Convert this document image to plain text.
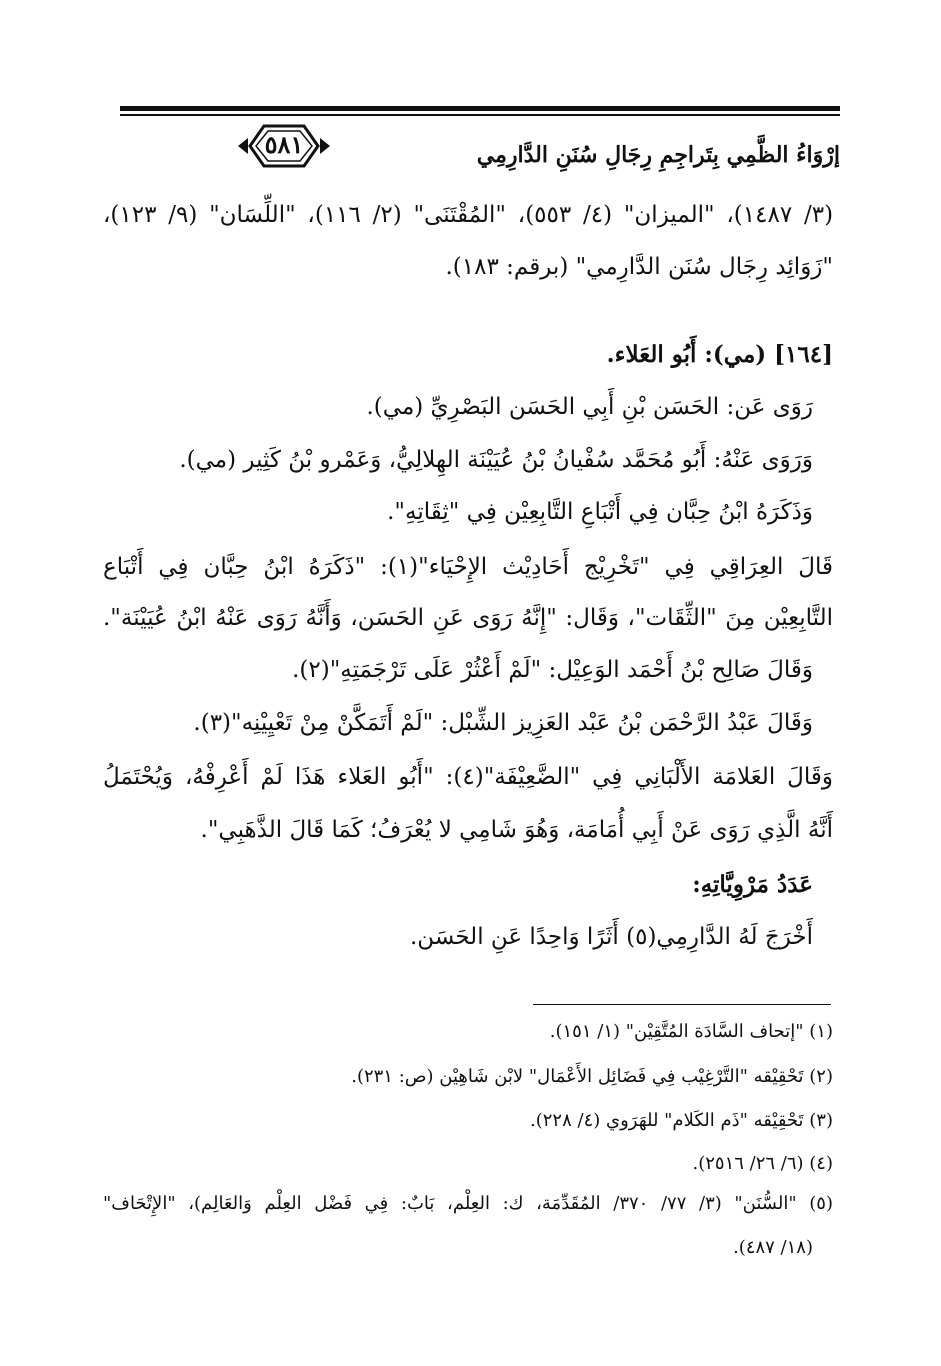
إرْوَاءُ الظَّمِي بِتَراجِمِ رِجَالِ سُنَنِ الدَّارِمِي
٥٨١
(٣/ ١٤٨٧)، "الميزان" (٤/ ٥٥٣)، "المُقْتَنَى" (٢/ ١١٦)، "اللِّسَان" (٩/ ١٢٣)،
"زَوَائِد رِجَال سُنَن الدَّارِمي" (برقم: ١٨٣).
[١٦٤] (مي): أَبُو العَلاء.
رَوَى عَن: الحَسَن بْنِ أَبِي الحَسَن البَصْرِيِّ (مي).
وَرَوَى عَنْهُ: أَبُو مُحَمَّد سُفْيانُ بْنُ عُيَيْنَة الهِلالِيُّ، وَعَمْرو بْنُ كَثِير (مي).
وَذَكَرَهُ ابْنُ حِبَّان فِي أَتْبَاعِ التَّابِعِيْن فِي "ثِقَاتِهِ".
قَالَ العِرَاقِي فِي "تَخْرِيْج أَحَادِيْث الإِحْيَاء"(١): "ذَكَرَهُ ابْنُ حِبَّان فِي أَتْبَاع
التَّابِعِيْن مِنَ "الثِّقَات"، وَقَال: "إِنَّهُ رَوَى عَنِ الحَسَن، وَأَنَّهُ رَوَى عَنْهُ ابْنُ عُيَيْنَة".
وَقَالَ صَالِح بْنُ أَحْمَد الوَعِيْل: "لَمْ أَعْثُرْ عَلَى تَرْجَمَتِهِ"(٢).
وَقَالَ عَبْدُ الرَّحْمَن بْنُ عَبْد العَزِيز الشِّبْل: "لَمْ أَتَمَكَّنْ مِنْ تَعْيِيْنِه"(٣).
وَقَالَ العَلامَة الأَلْبَانِي فِي "الضَّعِيْفَة"(٤): "أَبُو العَلاء هَذَا لَمْ أَعْرِفْهُ، وَيُحْتَمَلُ
أَنَّهُ الَّذِي رَوَى عَنْ أَبِي أُمَامَة، وَهُوَ شَامِي لا يُعْرَفُ؛ كَمَا قَالَ الذَّهَبِي".
عَدَدُ مَرْوِيَّاتِهِ:
أَخْرَجَ لَهُ الدَّارِمِي(٥) أَثَرًا وَاحِدًا عَنِ الحَسَن.
(١) "إتحاف السَّادَة المُتَّقِيْن" (١/ ١٥١).
(٢) تَحْقِيْقه "التَّرْغِيْب فِي فَضَائِل الأَعْمَال" لابْن شَاهِيْن (ص: ٢٣١).
(٣) تَحْقِيْقه "ذَم الكَلام" للهَرَوي (٤/ ٢٢٨).
(٤) (٦/ ٢٦/ ٢٥١٦).
(٥) "السُّنَن" (٣/ ٧٧/ ٣٧٠/ المُقَدِّمَة، ك: العِلْم، بَابٌ: فِي فَضْل العِلْم وَالعَالِم)، "الإِتْحَاف"
(١٨/ ٤٨٧).
